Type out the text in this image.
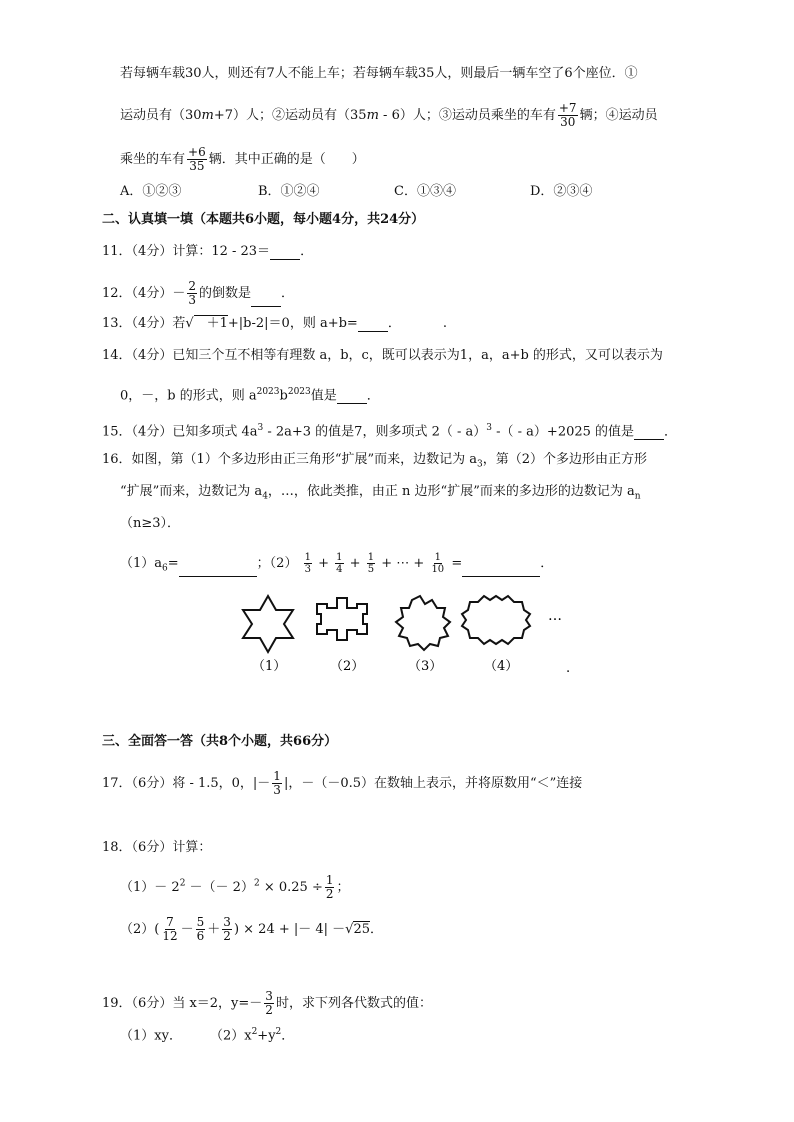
若每辆车载30人，则还有7人不能上车；若每辆车载35人，则最后一辆车空了6个座位．①
运动员有（30m+7）人；②运动员有（35m - 6）人；③运动员乘坐的车有 $\frac{+7}{30}$ 辆；④运动员
乘坐的车有 $\frac{+6}{35}$ 辆．其中正确的是（　　）
A．①②③	B．①②④	C．①③④	D．②③④
二、认真填一填（本题共6小题，每小题4分，共24分）
11．（4分）计算：12 - 23＝ ．
12．（4分）－ $\frac{2}{3}$ 的倒数是 ．
13．（4分）若√　＋1+|b-2|＝0，则 a+b= ．	.
14．（4分）已知三个互不相等有理数 a，b，c，既可以表示为1，a，a+b 的形式，又可以表示为
0，－，b 的形式，则 $a^{2023}b^{2023}$值是 ．
15．（4分）已知多项式 $4a^3 - 2a+3$ 的值是7，则多项式 2（ - a）$^3$ -（ - a）+2025 的值是 ．
16．如图，第（1）个多边形由正三角形“扩展”而来，边数记为 $a_3$，第（2）个多边形由正方形
“扩展”而来，边数记为 $a_4$，…，依此类推，由正 n 边形“扩展”而来的多边形的边数记为 $a_n$
（n≥3）．
$(1)a_6=$	；$(2) \frac{1}{3} + \frac{1}{4} + \frac{1}{5}$ + ⋯ + $\frac{1}{10}$ =	．
…
（1）	（2）	（3）	（4）	.
三、全面答一答（共8个小题，共66分）
17．（6分）将 - 1.5，0，|－ $\frac{1}{3}$ |，－（－0.5）在数轴上表示，并将原数用“＜”连接
18．（6分）计算：
$(1)- 2^2$ －（－ $2)^2 \times 0.25 \div \frac{1}{2}$ ；
$(2)( \frac{7}{12} - \frac{5}{6} + \frac{3}{2}$ ) × 24 + |－ 4| －√25．
19．（6分）当 x＝2，$y=- \frac{3}{2}$ 时，求下列各代数式的值：
（1）xy． $(2)x^2+y^2$．
